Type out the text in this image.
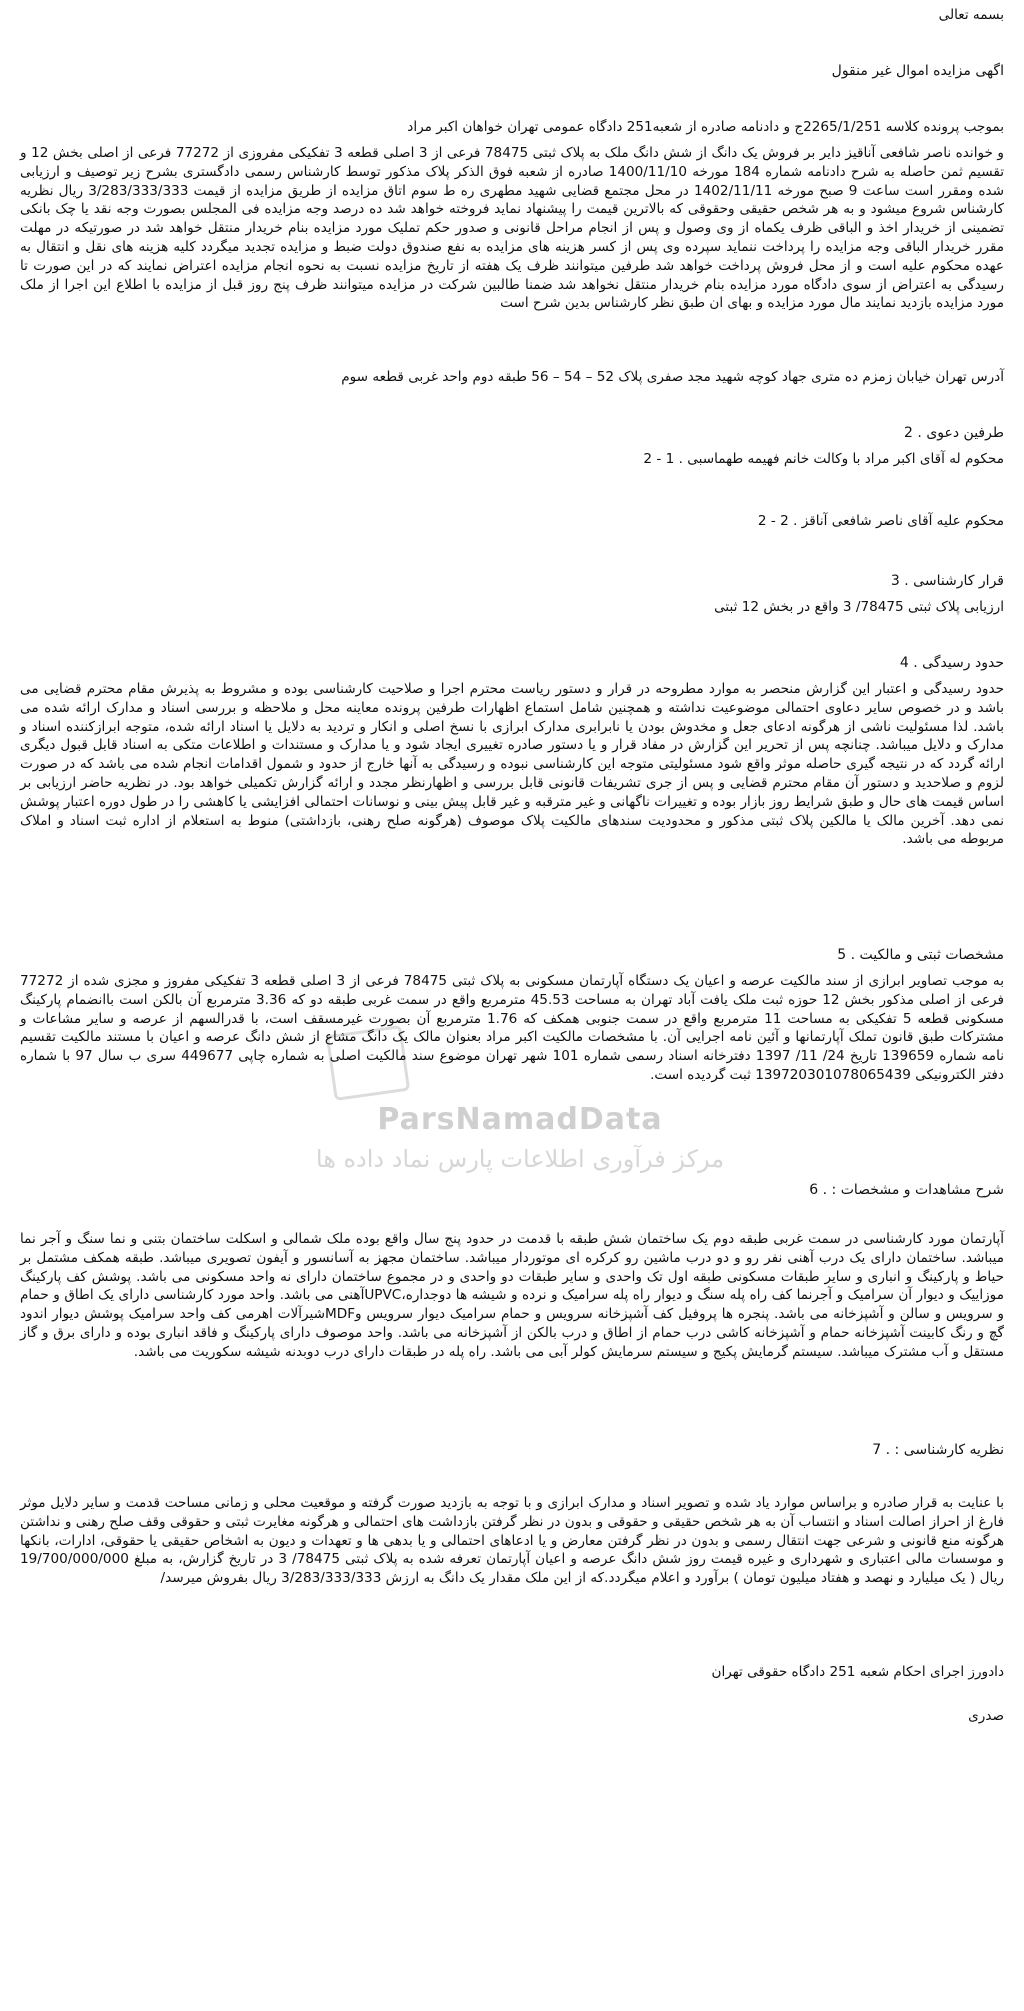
ParsNamadData
مرکز فرآوری اطلاعات پارس نماد داده ها

بسمه تعالی

اگهی مزایده اموال غیر منقول

بموجب پرونده کلاسه 2265/1/251ج و دادنامه صادره از شعبه251 دادگاه عمومی تهران خواهان اکبر مراد

و خوانده ناصر شافعی آناقیز دایر بر فروش یک دانگ از شش دانگ ملک به پلاک ثبتی 78475 فرعی از 3 اصلی قطعه 3 تفکیکی مفروزی از 77272 فرعی از اصلی بخش 12 و تقسیم ثمن حاصله به شرح دادنامه شماره 184 مورخه 1400/11/10 صادره از شعبه فوق الذکر پلاک مذکور توسط کارشناس رسمی دادگستری بشرح زیر توصیف و ارزیابی شده ومقرر است ساعت 9 صبح مورخه 1402/11/11 در محل مجتمع قضایی شهید مطهری ره ط سوم اتاق مزایده از طریق مزایده از قیمت 3/283/333/333 ریال نظریه کارشناس شروع میشود و به هر شخص حقیقی وحقوقی که بالاترین قیمت را پیشنهاد نماید فروخته خواهد شد ده درصد وجه مزایده فی المجلس بصورت وجه نقد یا چک بانکی تضمینی از خریدار اخذ و الباقی ظرف یکماه از وی وصول و پس از انجام مراحل قانونی و صدور حکم تملیک مورد مزایده بنام خریدار منتقل خواهد شد در صورتیکه در مهلت مقرر خریدار الباقی وجه مزایده را پرداخت ننماید سپرده وی پس از کسر هزینه های مزایده به نفع صندوق دولت ضبط و مزایده تجدید میگردد کلیه هزینه های نقل و انتقال به عهده محکوم علیه است و از محل فروش پرداخت خواهد شد طرفین میتوانند ظرف یک هفته از تاریخ مزایده نسبت به نحوه انجام مزایده اعتراض نمایند که در این صورت تا رسیدگی به اعتراض از سوی دادگاه مورد مزایده بنام خریدار منتقل نخواهد شد ضمنا طالبین شرکت در مزایده میتوانند ظرف پنج روز قبل از مزایده با اطلاع این اجرا از ملک مورد مزایده بازدید نمایند مال مورد مزایده و بهای ان طبق نظر کارشناس بدین شرح است

آدرس تهران خیابان زمزم ده متری جهاد کوچه شهید مجد صفری پلاک 52 – 54 – 56 طبقه دوم واحد غربی قطعه سوم

طرفین دعوی . 2

محکوم له آقای اکبر مراد با وکالت خانم فهیمه طهماسبی . 1 - 2

محکوم علیه آقای ناصر شافعی آناقز . 2 - 2

قرار کارشناسی . 3

ارزیابی پلاک ثبتی 78475/ 3 واقع در بخش 12 ثبتی

حدود رسیدگی . 4

حدود رسیدگی و اعتبار این گزارش منحصر به موارد مطروحه در قرار و دستور ریاست محترم اجرا و صلاحیت کارشناسی بوده و مشروط به پذیرش مقام محترم قضایی می باشد و در خصوص سایر دعاوی احتمالی موضوعیت نداشته و همچنین شامل استماع اظهارات طرفین پرونده معاینه محل و ملاحظه و بررسی اسناد و مدارک ارائه شده می باشد. لذا مسئولیت ناشی از هرگونه ادعای جعل و مخدوش بودن یا نابرابری مدارک ابرازی با نسخ اصلی و انکار و تردید به دلایل یا اسناد ارائه شده، متوجه ابرازکننده اسناد و مدارک و دلایل میباشد. چنانچه پس از تحریر این گزارش در مفاد قرار و یا دستور صادره تغییری ایجاد شود و یا مدارک و مستندات و اطلاعات متکی به اسناد قابل قبول دیگری ارائه گردد که در نتیجه گیری حاصله موثر واقع شود مسئولیتی متوجه این کارشناسی نبوده و رسیدگی به آنها خارج از حدود و شمول اقدامات انجام شده می باشد که در صورت لزوم و صلاحدید و دستور آن مقام محترم قضایی و پس از جری تشریفات قانونی قابل بررسی و اظهارنظر مجدد و ارائه گزارش تکمیلی خواهد بود. در نظریه حاضر ارزیابی بر اساس قیمت های حال و طبق شرایط روز بازار بوده و تغییرات ناگهانی و غیر مترقبه و غیر قابل پیش بینی و نوسانات احتمالی افزایشی یا کاهشی را در طول دوره اعتبار پوشش نمی دهد. آخرین مالک یا مالکین پلاک ثبتی مذکور و محدودیت سندهای مالکیت پلاک موصوف (هرگونه صلح رهنی، بازداشتی) منوط به استعلام از اداره ثبت اسناد و املاک مربوطه می باشد.

مشخصات ثبتی و مالکیت . 5

به موجب تصاویر ابرازی از سند مالکیت عرصه و اعیان یک دستگاه آپارتمان مسکونی به پلاک ثبتی 78475 فرعی از 3 اصلی قطعه 3 تفکیکی مفروز و مجزی شده از 77272 فرعی از اصلی مذکور بخش 12 حوزه ثبت ملک یافت آباد تهران به مساحت 45.53 مترمربع واقع در سمت غربی طبقه دو که 3.36 مترمربع آن بالکن است باانضمام پارکینگ مسکونی قطعه 5 تفکیکی به مساحت 11 مترمربع واقع در سمت جنوبی همکف که 1.76 مترمربع آن بصورت غیرمسقف است، با قدرالسهم از عرصه و سایر مشاعات و مشترکات طبق قانون تملک آپارتمانها و آئین نامه اجرایی آن. با مشخصات مالکیت اکبر مراد بعنوان مالک یک دانگ مشاع از شش دانگ عرصه و اعیان با مستند مالکیت تقسیم نامه شماره 139659 تاریخ 24/ 11/ 1397 دفترخانه اسناد رسمی شماره 101 شهر تهران موضوع سند مالکیت اصلی به شماره چاپی 449677 سری ب سال 97 با شماره دفتر الکترونیکی 139720301078065439 ثبت گردیده است.

شرح مشاهدات و مشخصات : . 6

آپارتمان مورد کارشناسی در سمت غربی طبقه دوم یک ساختمان شش طبقه با قدمت در حدود پنج سال واقع بوده ملک شمالی و اسکلت ساختمان بتنی و نما سنگ و آجر نما میباشد. ساختمان دارای یک درب آهنی نفر رو و دو درب ماشین رو کرکره ای موتوردار میباشد. ساختمان مجهز به آسانسور و آیفون تصویری میباشد. طبقه همکف مشتمل بر حیاط و پارکینگ و انباری و سایر طبقات مسکونی طبقه اول تک واحدی و سایر طبقات دو واحدی و در مجموع ساختمان دارای نه واحد مسکونی می باشد. پوشش کف پارکینگ موزاییک و دیوار آن سرامیک و آجرنما کف راه پله سنگ و دیوار راه پله سرامیک و نرده و شیشه ها دوجداره،UPVCآهنی می باشد. واحد مورد کارشناسی دارای یک اطاق و حمام و سرویس و سالن و آشپزخانه می باشد. پنجره ها پروفیل کف آشپزخانه سرویس و حمام سرامیک دیوار سرویس وMDFشیرآلات اهرمی کف واحد سرامیک پوشش دیوار اندود گچ و رنگ کابینت آشپزخانه حمام و آشپزخانه کاشی درب حمام از اطاق و درب بالکن از آشپزخانه می باشد. واحد موصوف دارای پارکینگ و فاقد انباری بوده و دارای برق و گاز مستقل و آب مشترک میباشد. سیستم گرمایش پکیج و سیستم سرمایش کولر آبی می باشد. راه پله در طبقات دارای درب دوبدنه شیشه سکوریت می باشد.

نظریه کارشناسی : . 7

با عنایت به قرار صادره و براساس موارد یاد شده و تصویر اسناد و مدارک ابرازی و با توجه به بازدید صورت گرفته و موقعیت محلی و زمانی مساحت قدمت و سایر دلایل موثر فارغ از احراز اصالت اسناد و انتساب آن به هر شخص حقیقی و حقوقی و بدون در نظر گرفتن بازداشت های احتمالی و هرگونه مغایرت ثبتی و حقوقی وقف صلح رهنی و نداشتن هرگونه منع قانونی و شرعی جهت انتقال رسمی و بدون در نظر گرفتن معارض و یا ادعاهای احتمالی و یا بدهی ها و تعهدات و دیون به اشخاص حقیقی یا حقوقی، ادارات، بانکها و موسسات مالی اعتباری و شهرداری و غیره قیمت روز شش دانگ عرصه و اعیان آپارتمان تعرفه شده به پلاک ثبتی 78475/ 3 در تاریخ گزارش، به مبلغ 19/700/000/000 ریال ( یک میلیارد و نهصد و هفتاد میلیون تومان ) برآورد و اعلام میگردد.که از این ملک مقدار یک دانگ به ارزش 3/283/333/333 ریال بفروش میرسد/

دادورز اجرای احکام شعبه 251 دادگاه حقوقی تهران

صدری
